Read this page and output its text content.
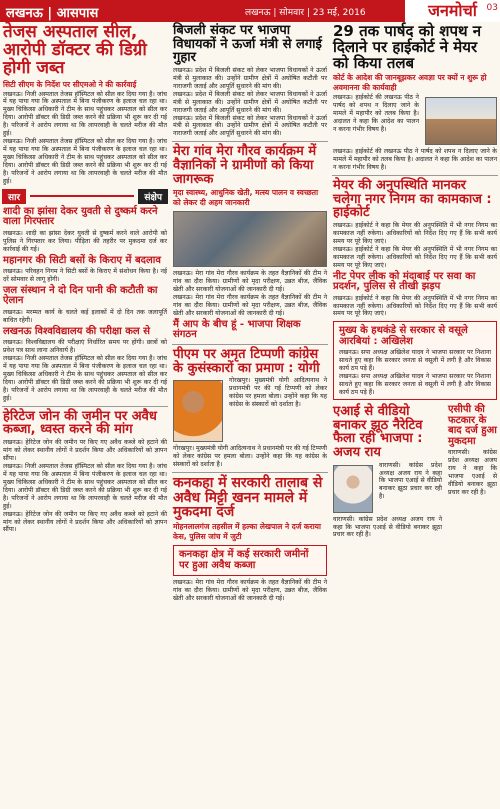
लखनऊ | आसपास	लखनऊ | सोमवार | 23 मई, 2016	जनमोर्चा	03
तेजस अस्पताल सील, आरोपी डॉक्टर की डिग्री होगी जब्त
सिटी सीएम के निर्देश पर सीएमओ ने की कार्रवाई
लखनऊ। निजी अस्पताल तेजस हॉस्पिटल को सील कर दिया गया है। जांच में यह पाया गया कि अस्पताल में बिना पंजीकरण के इलाज चल रहा था। मुख्य चिकित्सा अधिकारी ने टीम के साथ पहुंचकर अस्पताल को सील कर दिया। आरोपी डॉक्टर की डिग्री जब्त करने की प्रक्रिया भी शुरू कर दी गई है। परिजनों ने आरोप लगाया था कि लापरवाही के चलते मरीज की मौत हुई।
लखनऊ। निजी अस्पताल तेजस हॉस्पिटल को सील कर दिया गया है। जांच में यह पाया गया कि अस्पताल में बिना पंजीकरण के इलाज चल रहा था। मुख्य चिकित्सा अधिकारी ने टीम के साथ पहुंचकर अस्पताल को सील कर दिया। आरोपी डॉक्टर की डिग्री जब्त करने की प्रक्रिया भी शुरू कर दी गई है। परिजनों ने आरोप लगाया था कि लापरवाही के चलते मरीज की मौत हुई।
सार	संक्षेप
शादी का झांसा देकर युवती से दुष्कर्म करने वाला गिरफ्तार
लखनऊ। शादी का झांसा देकर युवती से दुष्कर्म करने वाले आरोपी को पुलिस ने गिरफ्तार कर लिया। पीड़िता की तहरीर पर मुकदमा दर्ज कर कार्रवाई की गई।
महानगर की सिटी बसों के किराए में बदलाव
लखनऊ। परिवहन निगम ने सिटी बसों के किराए में संशोधन किया है। नई दरें सोमवार से लागू होंगी।
जल संस्थान ने दो दिन पानी की कटौती का ऐलान
लखनऊ। मरम्मत कार्य के चलते कई इलाकों में दो दिन तक जलापूर्ति बाधित रहेगी।
लखनऊ विश्वविद्यालय की परीक्षा कल से
लखनऊ। विश्वविद्यालय की परीक्षाएं निर्धारित समय पर होंगी। छात्रों को प्रवेश पत्र साथ लाना अनिवार्य है।
लखनऊ। निजी अस्पताल तेजस हॉस्पिटल को सील कर दिया गया है। जांच में यह पाया गया कि अस्पताल में बिना पंजीकरण के इलाज चल रहा था। मुख्य चिकित्सा अधिकारी ने टीम के साथ पहुंचकर अस्पताल को सील कर दिया। आरोपी डॉक्टर की डिग्री जब्त करने की प्रक्रिया भी शुरू कर दी गई है। परिजनों ने आरोप लगाया था कि लापरवाही के चलते मरीज की मौत हुई।
हेरिटेज जोन की जमीन पर अवैध कब्जा, ध्वस्त करने की मांग
लखनऊ। हेरिटेज जोन की जमीन पर किए गए अवैध कब्जे को हटाने की मांग को लेकर स्थानीय लोगों ने प्रदर्शन किया और अधिकारियों को ज्ञापन सौंपा।
लखनऊ। निजी अस्पताल तेजस हॉस्पिटल को सील कर दिया गया है। जांच में यह पाया गया कि अस्पताल में बिना पंजीकरण के इलाज चल रहा था। मुख्य चिकित्सा अधिकारी ने टीम के साथ पहुंचकर अस्पताल को सील कर दिया। आरोपी डॉक्टर की डिग्री जब्त करने की प्रक्रिया भी शुरू कर दी गई है। परिजनों ने आरोप लगाया था कि लापरवाही के चलते मरीज की मौत हुई।
लखनऊ। हेरिटेज जोन की जमीन पर किए गए अवैध कब्जे को हटाने की मांग को लेकर स्थानीय लोगों ने प्रदर्शन किया और अधिकारियों को ज्ञापन सौंपा।
बिजली संकट पर भाजपा विधायकों ने ऊर्जा मंत्री से लगाई गुहार
लखनऊ। प्रदेश में बिजली संकट को लेकर भाजपा विधायकों ने ऊर्जा मंत्री से मुलाकात की। उन्होंने ग्रामीण क्षेत्रों में अघोषित कटौती पर नाराजगी जताई और आपूर्ति सुधारने की मांग की।
लखनऊ। प्रदेश में बिजली संकट को लेकर भाजपा विधायकों ने ऊर्जा मंत्री से मुलाकात की। उन्होंने ग्रामीण क्षेत्रों में अघोषित कटौती पर नाराजगी जताई और आपूर्ति सुधारने की मांग की।
लखनऊ। प्रदेश में बिजली संकट को लेकर भाजपा विधायकों ने ऊर्जा मंत्री से मुलाकात की। उन्होंने ग्रामीण क्षेत्रों में अघोषित कटौती पर नाराजगी जताई और आपूर्ति सुधारने की मांग की।
मेरा गांव मेरा गौरव कार्यक्रम में वैज्ञानिकों ने ग्रामीणों को किया जागरूक
मृदा स्वास्थ्य, आधुनिक खेती, मत्स्य पालन व स्वच्छता को लेकर दी अहम जानकारी
लखनऊ। मेरा गांव मेरा गौरव कार्यक्रम के तहत वैज्ञानिकों की टीम ने गांव का दौरा किया। ग्रामीणों को मृदा परीक्षण, उन्नत बीज, जैविक खेती और सरकारी योजनाओं की जानकारी दी गई।
लखनऊ। मेरा गांव मेरा गौरव कार्यक्रम के तहत वैज्ञानिकों की टीम ने गांव का दौरा किया। ग्रामीणों को मृदा परीक्षण, उन्नत बीज, जैविक खेती और सरकारी योजनाओं की जानकारी दी गई।
मैं आप के बीच हूं - भाजपा शिक्षक संगठन
पीएम पर अमृत टिप्पणी कांग्रेस के कुसंस्कारों का प्रमाण : योगी
गोरखपुर। मुख्यमंत्री योगी आदित्यनाथ ने प्रधानमंत्री पर की गई टिप्पणी को लेकर कांग्रेस पर हमला बोला। उन्होंने कहा कि यह कांग्रेस के संस्कारों को दर्शाता है।
गोरखपुर। मुख्यमंत्री योगी आदित्यनाथ ने प्रधानमंत्री पर की गई टिप्पणी को लेकर कांग्रेस पर हमला बोला। उन्होंने कहा कि यह कांग्रेस के संस्कारों को दर्शाता है।
कनकहा में सरकारी तालाब से अवैध मिट्टी खनन मामले में मुकदमा दर्ज
मोहनलालगंज तहसील में हल्का लेखपाल ने दर्ज कराया केस, पुलिस जांच में जुटी
कनकहा क्षेत्र में कई सरकारी जमीनों पर हुआ अवैध कब्जा
लखनऊ। मेरा गांव मेरा गौरव कार्यक्रम के तहत वैज्ञानिकों की टीम ने गांव का दौरा किया। ग्रामीणों को मृदा परीक्षण, उन्नत बीज, जैविक खेती और सरकारी योजनाओं की जानकारी दी गई।
29 तक पार्षद को शपथ न दिलाने पर हाईकोर्ट ने मेयर को किया तलब
कोर्ट के आदेश की जानबूझकर अवज्ञा पर क्यों न शुरू हो अवमानना की कार्यवाही
लखनऊ। हाईकोर्ट की लखनऊ पीठ ने पार्षद को शपथ न दिलाए जाने के मामले में महापौर को तलब किया है। अदालत ने कहा कि आदेश का पालन न करना गंभीर विषय है।
लखनऊ। हाईकोर्ट की लखनऊ पीठ ने पार्षद को शपथ न दिलाए जाने के मामले में महापौर को तलब किया है। अदालत ने कहा कि आदेश का पालन न करना गंभीर विषय है।
मेयर की अनुपस्थिति मानकर चलेगा नगर निगम का कामकाज : हाईकोर्ट
लखनऊ। हाईकोर्ट ने कहा कि मेयर की अनुपस्थिति में भी नगर निगम का कामकाज नहीं रुकेगा। अधिकारियों को निर्देश दिए गए हैं कि सभी कार्य समय पर पूरे किए जाएं।
लखनऊ। हाईकोर्ट ने कहा कि मेयर की अनुपस्थिति में भी नगर निगम का कामकाज नहीं रुकेगा। अधिकारियों को निर्देश दिए गए हैं कि सभी कार्य समय पर पूरे किए जाएं।
नीट पेपर लीक को मंदाबाई पर सवा का प्रदर्शन, पुलिस से तीखी झड़प
लखनऊ। हाईकोर्ट ने कहा कि मेयर की अनुपस्थिति में भी नगर निगम का कामकाज नहीं रुकेगा। अधिकारियों को निर्देश दिए गए हैं कि सभी कार्य समय पर पूरे किए जाएं।
मुख्य के हथकंडे से सरकार से वसूले आरबियां : अखिलेश
लखनऊ। सपा अध्यक्ष अखिलेश यादव ने भाजपा सरकार पर निशाना साधते हुए कहा कि सरकार जनता से वसूली में लगी है और विकास कार्य ठप पड़े हैं।
लखनऊ। सपा अध्यक्ष अखिलेश यादव ने भाजपा सरकार पर निशाना साधते हुए कहा कि सरकार जनता से वसूली में लगी है और विकास कार्य ठप पड़े हैं।
एआई से वीडियो बनाकर झूठ नैरेटिव फैला रही भाजपा : अजय राय
वाराणसी। कांग्रेस प्रदेश अध्यक्ष अजय राय ने कहा कि भाजपा एआई से वीडियो बनाकर झूठा प्रचार कर रही है।
वाराणसी। कांग्रेस प्रदेश अध्यक्ष अजय राय ने कहा कि भाजपा एआई से वीडियो बनाकर झूठा प्रचार कर रही है।
एसीपी की फटकार के बाद दर्ज हुआ मुकदमा
वाराणसी। कांग्रेस प्रदेश अध्यक्ष अजय राय ने कहा कि भाजपा एआई से वीडियो बनाकर झूठा प्रचार कर रही है।
